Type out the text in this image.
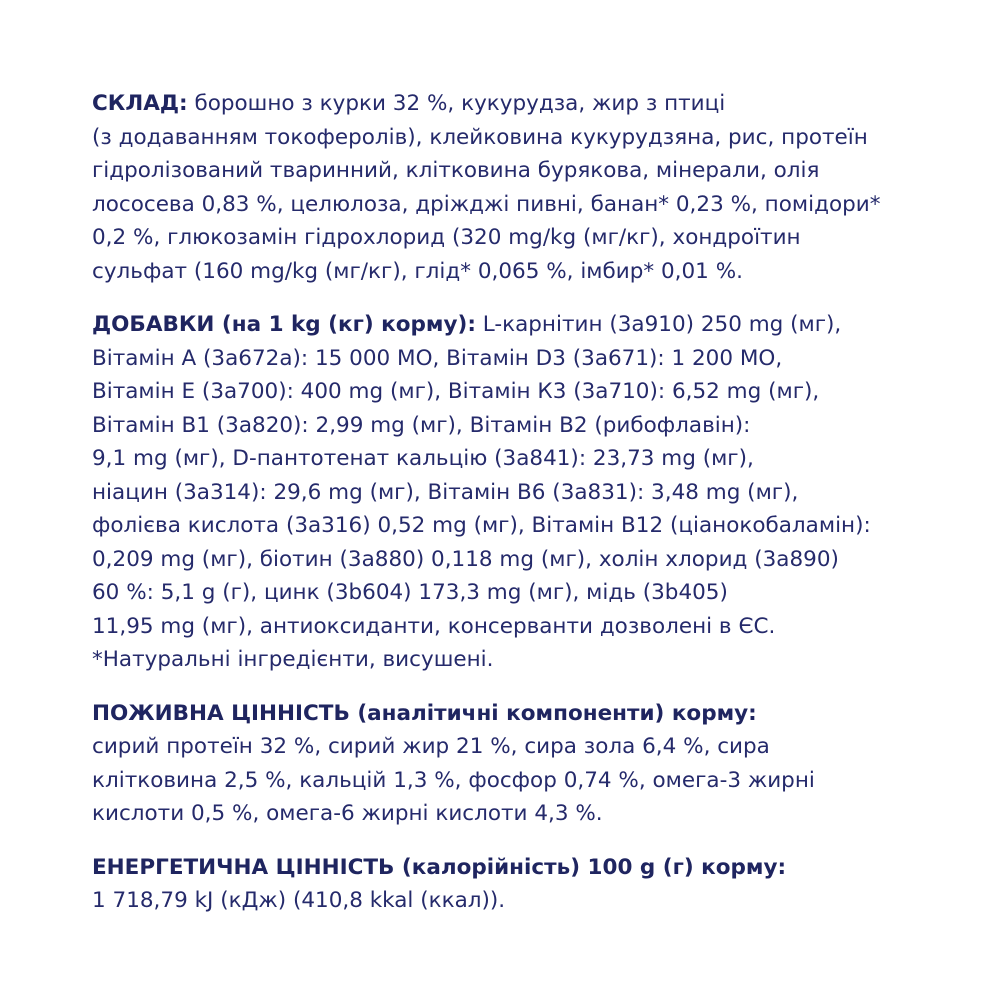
СКЛАД: борошно з курки 32 %, кукурудза, жир з птиці
(з додаванням токоферолів), клейковина кукурудзяна, рис, протеїн
гідролізований тваринний, клітковина бурякова, мінерали, олія
лососева 0,83 %, целюлоза, дріжджі пивні, банан* 0,23 %, помідори*
0,2 %, глюкозамін гідрохлорид (320 mg/kg (мг/кг), хондроїтин
сульфат (160 mg/kg (мг/кг), глід* 0,065 %, імбир* 0,01 %.
ДОБАВКИ (на 1 kg (кг) корму): L-карнітин (3a910) 250 mg (мг),
Вітамін А (3a672a): 15 000 МО, Вітамін D3 (3a671): 1 200 МО,
Вітамін Е (3a700): 400 mg (мг), Вітамін К3 (3a710): 6,52 mg (мг),
Вітамін В1 (3a820): 2,99 mg (мг), Вітамін В2 (рибофлавін):
9,1 mg (мг), D-пантотенат кальцію (3a841): 23,73 mg (мг),
ніацин (3a314): 29,6 mg (мг), Вітамін В6 (3a831): 3,48 mg (мг),
фолієва кислота (3a316) 0,52 mg (мг), Вітамін В12 (ціанокобаламін):
0,209 mg (мг), біотин (3a880) 0,118 mg (мг), холін хлорид (3a890)
60 %: 5,1 g (г), цинк (3b604) 173,3 mg (мг), мідь (3b405)
11,95 mg (мг), антиоксиданти, консерванти дозволені в ЄС.
*Натуральні інгредієнти, висушені.
ПОЖИВНА ЦІННІСТЬ (аналітичні компоненти) корму:
сирий протеїн 32 %, сирий жир 21 %, сира зола 6,4 %, сира
клітковина 2,5 %, кальцій 1,3 %, фосфор 0,74 %, омега-3 жирні
кислоти 0,5 %, омега-6 жирні кислоти 4,3 %.
ЕНЕРГЕТИЧНА ЦІННІСТЬ (калорійність) 100 g (г) корму:
1 718,79 kJ (кДж) (410,8 kkal (ккал)).
